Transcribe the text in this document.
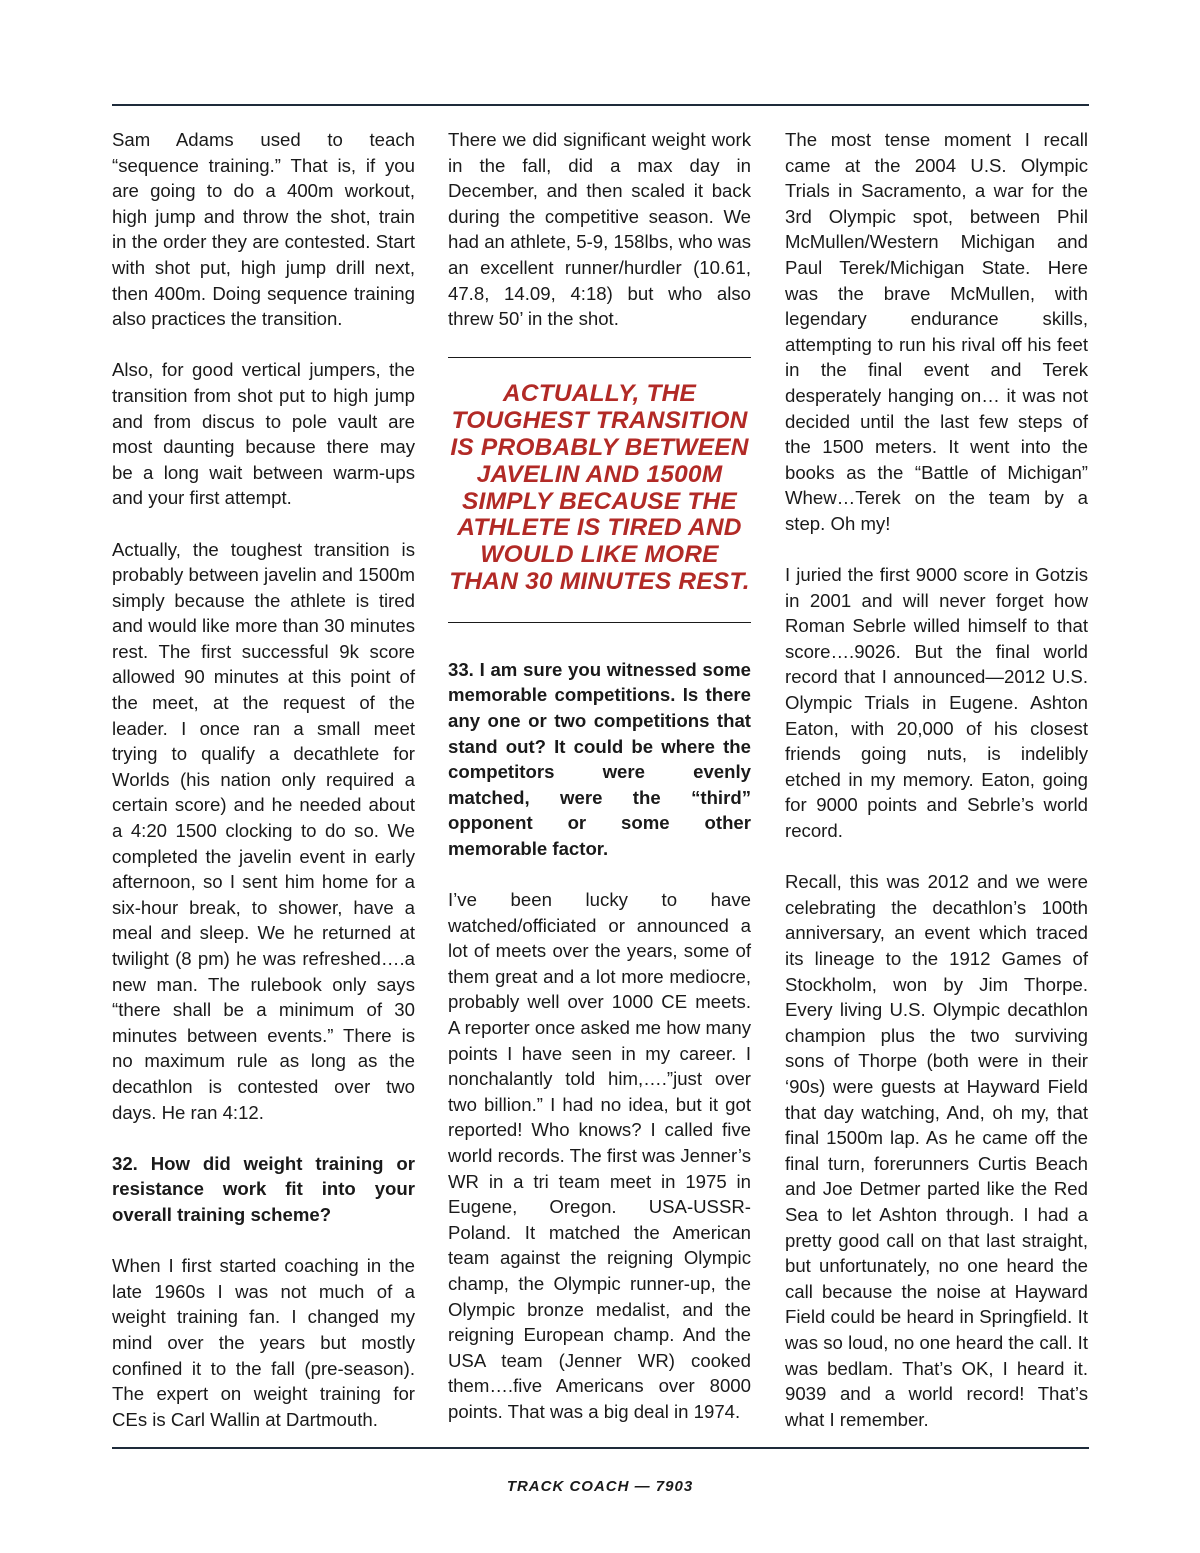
Sam Adams used to teach “sequence training.” That is, if you are going to do a 400m workout, high jump and throw the shot, train in the order they are contested. Start with shot put, high jump drill next, then 400m. Doing sequence training also practices the transition.

Also, for good vertical jumpers, the transition from shot put to high jump and from discus to pole vault are most daunting because there may be a long wait between warm-ups and your first attempt.

Actually, the toughest transition is probably between javelin and 1500m simply because the athlete is tired and would like more than 30 minutes rest. The first successful 9k score allowed 90 minutes at this point of the meet, at the request of the leader. I once ran a small meet trying to qualify a decathlete for Worlds (his nation only required a certain score) and he needed about a 4:20 1500 clocking to do so. We completed the javelin event in early afternoon, so I sent him home for a six-hour break, to shower, have a meal and sleep. We he returned at twilight (8 pm) he was refreshed….a new man. The rulebook only says “there shall be a minimum of 30 minutes between events.” There is no maximum rule as long as the decathlon is contested over two days. He ran 4:12.

32. How did weight training or resistance work fit into your overall training scheme?

When I first started coaching in the late 1960s I was not much of a weight training fan. I changed my mind over the years but mostly confined it to the fall (pre-season). The expert on weight training for CEs is Carl Wallin at Dartmouth.

There we did significant weight work in the fall, did a max day in December, and then scaled it back during the competitive season. We had an athlete, 5-9, 158lbs, who was an excellent runner/hurdler (10.61, 47.8, 14.09, 4:18) but who also threw 50’ in the shot.

ACTUALLY, THE TOUGHEST TRANSITION IS PROBABLY BETWEEN JAVELIN AND 1500M SIMPLY BECAUSE THE ATHLETE IS TIRED AND WOULD LIKE MORE THAN 30 MINUTES REST.

33. I am sure you witnessed some memorable competitions. Is there any one or two competitions that stand out? It could be where the competitors were evenly matched, were the “third” opponent or some other memorable factor.

I’ve been lucky to have watched/officiated or announced a lot of meets over the years, some of them great and a lot more mediocre, probably well over 1000 CE meets. A reporter once asked me how many points I have seen in my career. I nonchalantly told him,….”just over two billion.” I had no idea, but it got reported! Who knows? I called five world records. The first was Jenner’s WR in a tri team meet in 1975 in Eugene, Oregon. USA-USSR-Poland. It matched the American team against the reigning Olympic champ, the Olympic runner-up, the Olympic bronze medalist, and the reigning European champ. And the USA team (Jenner WR) cooked them….five Americans over 8000 points. That was a big deal in 1974.

The most tense moment I recall came at the 2004 U.S. Olympic Trials in Sacramento, a war for the 3rd Olympic spot, between Phil McMullen/Western Michigan and Paul Terek/Michigan State. Here was the brave McMullen, with legendary endurance skills, attempting to run his rival off his feet in the final event and Terek desperately hanging on… it was not decided until the last few steps of the 1500 meters. It went into the books as the “Battle of Michigan” Whew…Terek on the team by a step. Oh my!

I juried the first 9000 score in Gotzis in 2001 and will never forget how Roman Sebrle willed himself to that score….9026. But the final world record that I announced—2012 U.S. Olympic Trials in Eugene. Ashton Eaton, with 20,000 of his closest friends going nuts, is indelibly etched in my memory. Eaton, going for 9000 points and Sebrle’s world record.

Recall, this was 2012 and we were celebrating the decathlon’s 100th anniversary, an event which traced its lineage to the 1912 Games of Stockholm, won by Jim Thorpe. Every living U.S. Olympic decathlon champion plus the two surviving sons of Thorpe (both were in their ‘90s) were guests at Hayward Field that day watching, And, oh my, that final 1500m lap. As he came off the final turn, forerunners Curtis Beach and Joe Detmer parted like the Red Sea to let Ashton through. I had a pretty good call on that last straight, but unfortunately, no one heard the call because the noise at Hayward Field could be heard in Springfield. It was so loud, no one heard the call. It was bedlam. That’s OK, I heard it. 9039 and a world record! That’s what I remember.

TRACK COACH — 7903
